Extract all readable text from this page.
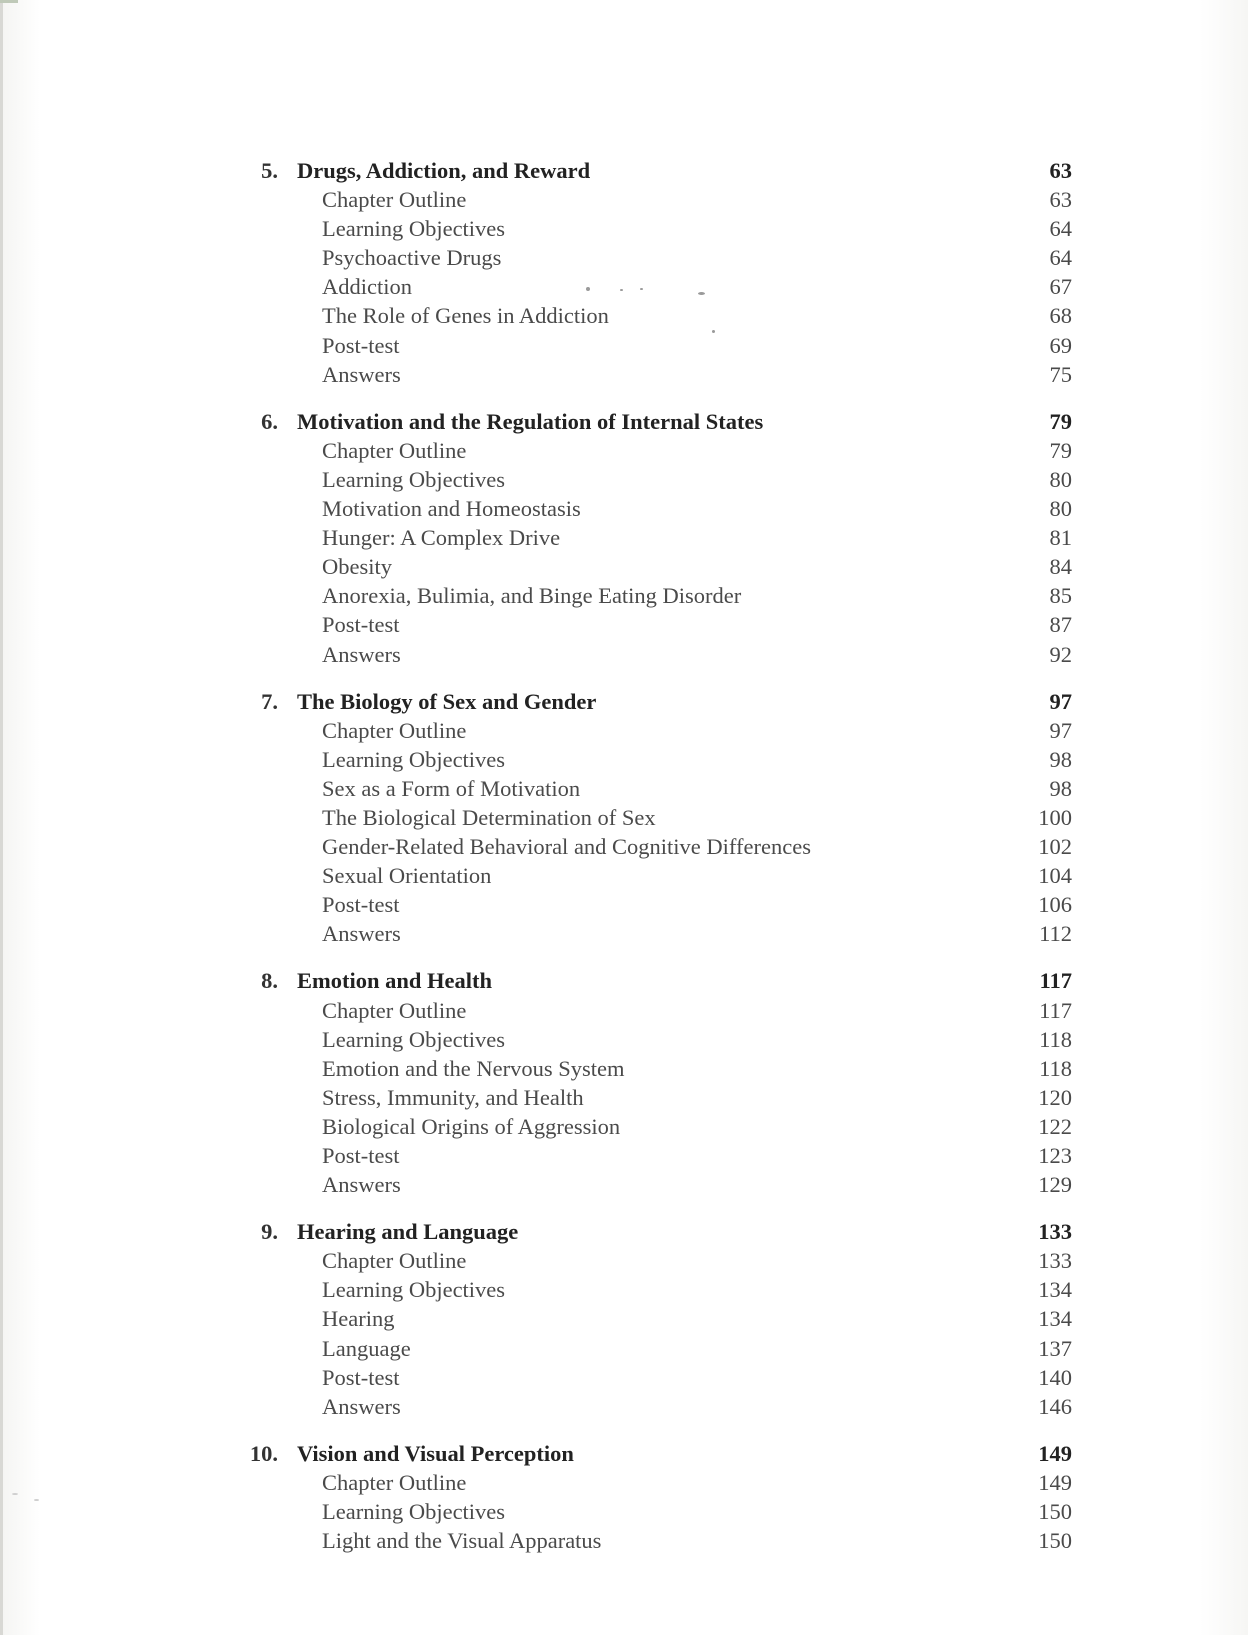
5. Drugs, Addiction, and Reward	63
Chapter Outline	63
Learning Objectives	64
Psychoactive Drugs	64
Addiction	67
The Role of Genes in Addiction	68
Post-test	69
Answers	75
6. Motivation and the Regulation of Internal States	79
Chapter Outline	79
Learning Objectives	80
Motivation and Homeostasis	80
Hunger: A Complex Drive	81
Obesity	84
Anorexia, Bulimia, and Binge Eating Disorder	85
Post-test	87
Answers	92
7. The Biology of Sex and Gender	97
Chapter Outline	97
Learning Objectives	98
Sex as a Form of Motivation	98
The Biological Determination of Sex	100
Gender-Related Behavioral and Cognitive Differences	102
Sexual Orientation	104
Post-test	106
Answers	112
8. Emotion and Health	117
Chapter Outline	117
Learning Objectives	118
Emotion and the Nervous System	118
Stress, Immunity, and Health	120
Biological Origins of Aggression	122
Post-test	123
Answers	129
9. Hearing and Language	133
Chapter Outline	133
Learning Objectives	134
Hearing	134
Language	137
Post-test	140
Answers	146
10. Vision and Visual Perception	149
Chapter Outline	149
Learning Objectives	150
Light and the Visual Apparatus	150
